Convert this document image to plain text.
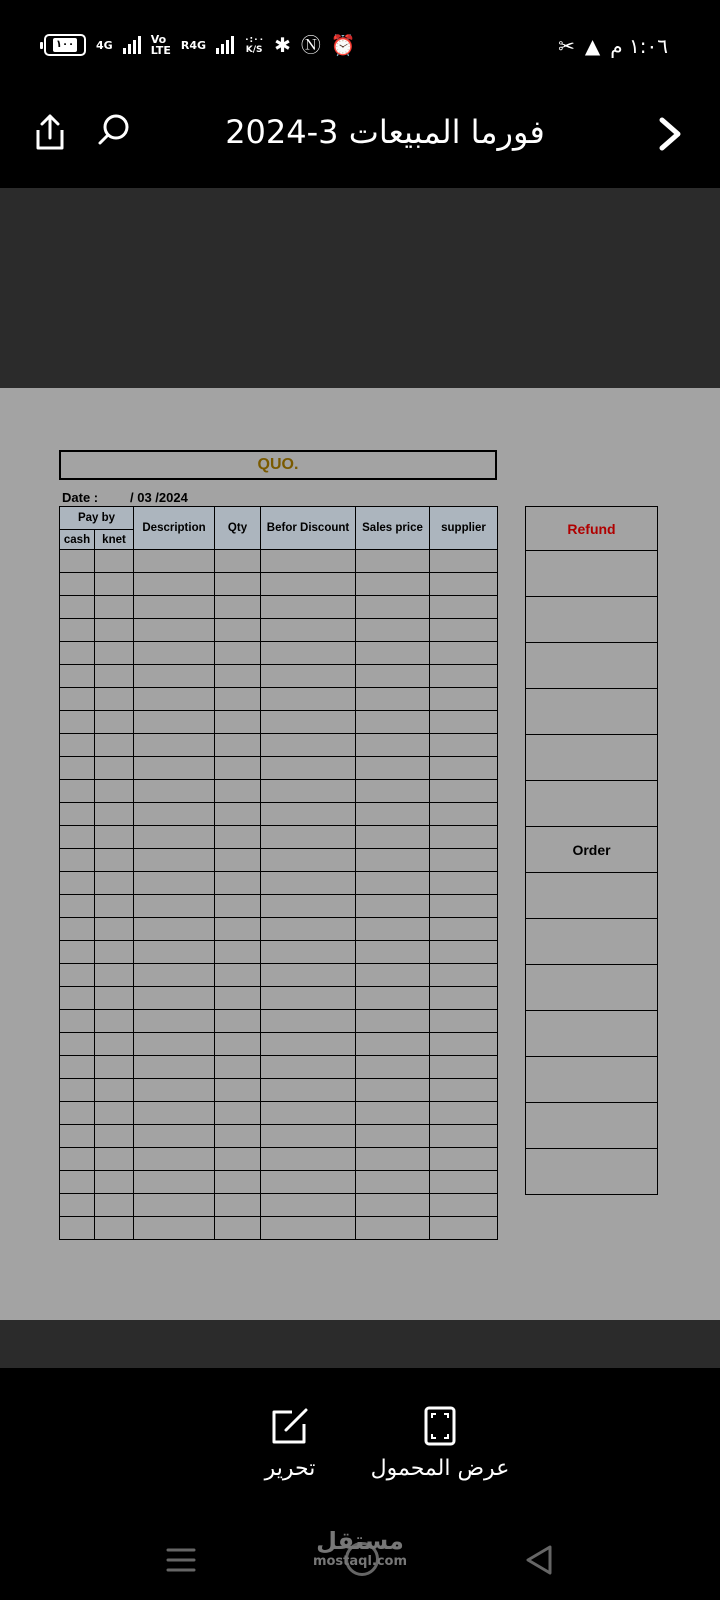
١٠٠ 4G	Vo
LTE R4G	٠:٠٠
K/S ✱ Ⓝ ⏰	✂ ▲ ١:٠٦ م
فورما المبيعات 3-2024
QUO.
Date : / 03 /2024
Pay by		Description	Qty	Befor Discount	Sales price	supplier
cash	knet					

Refund

Order

تحرير	عرض المحمول
مستقل
mostaql.com
